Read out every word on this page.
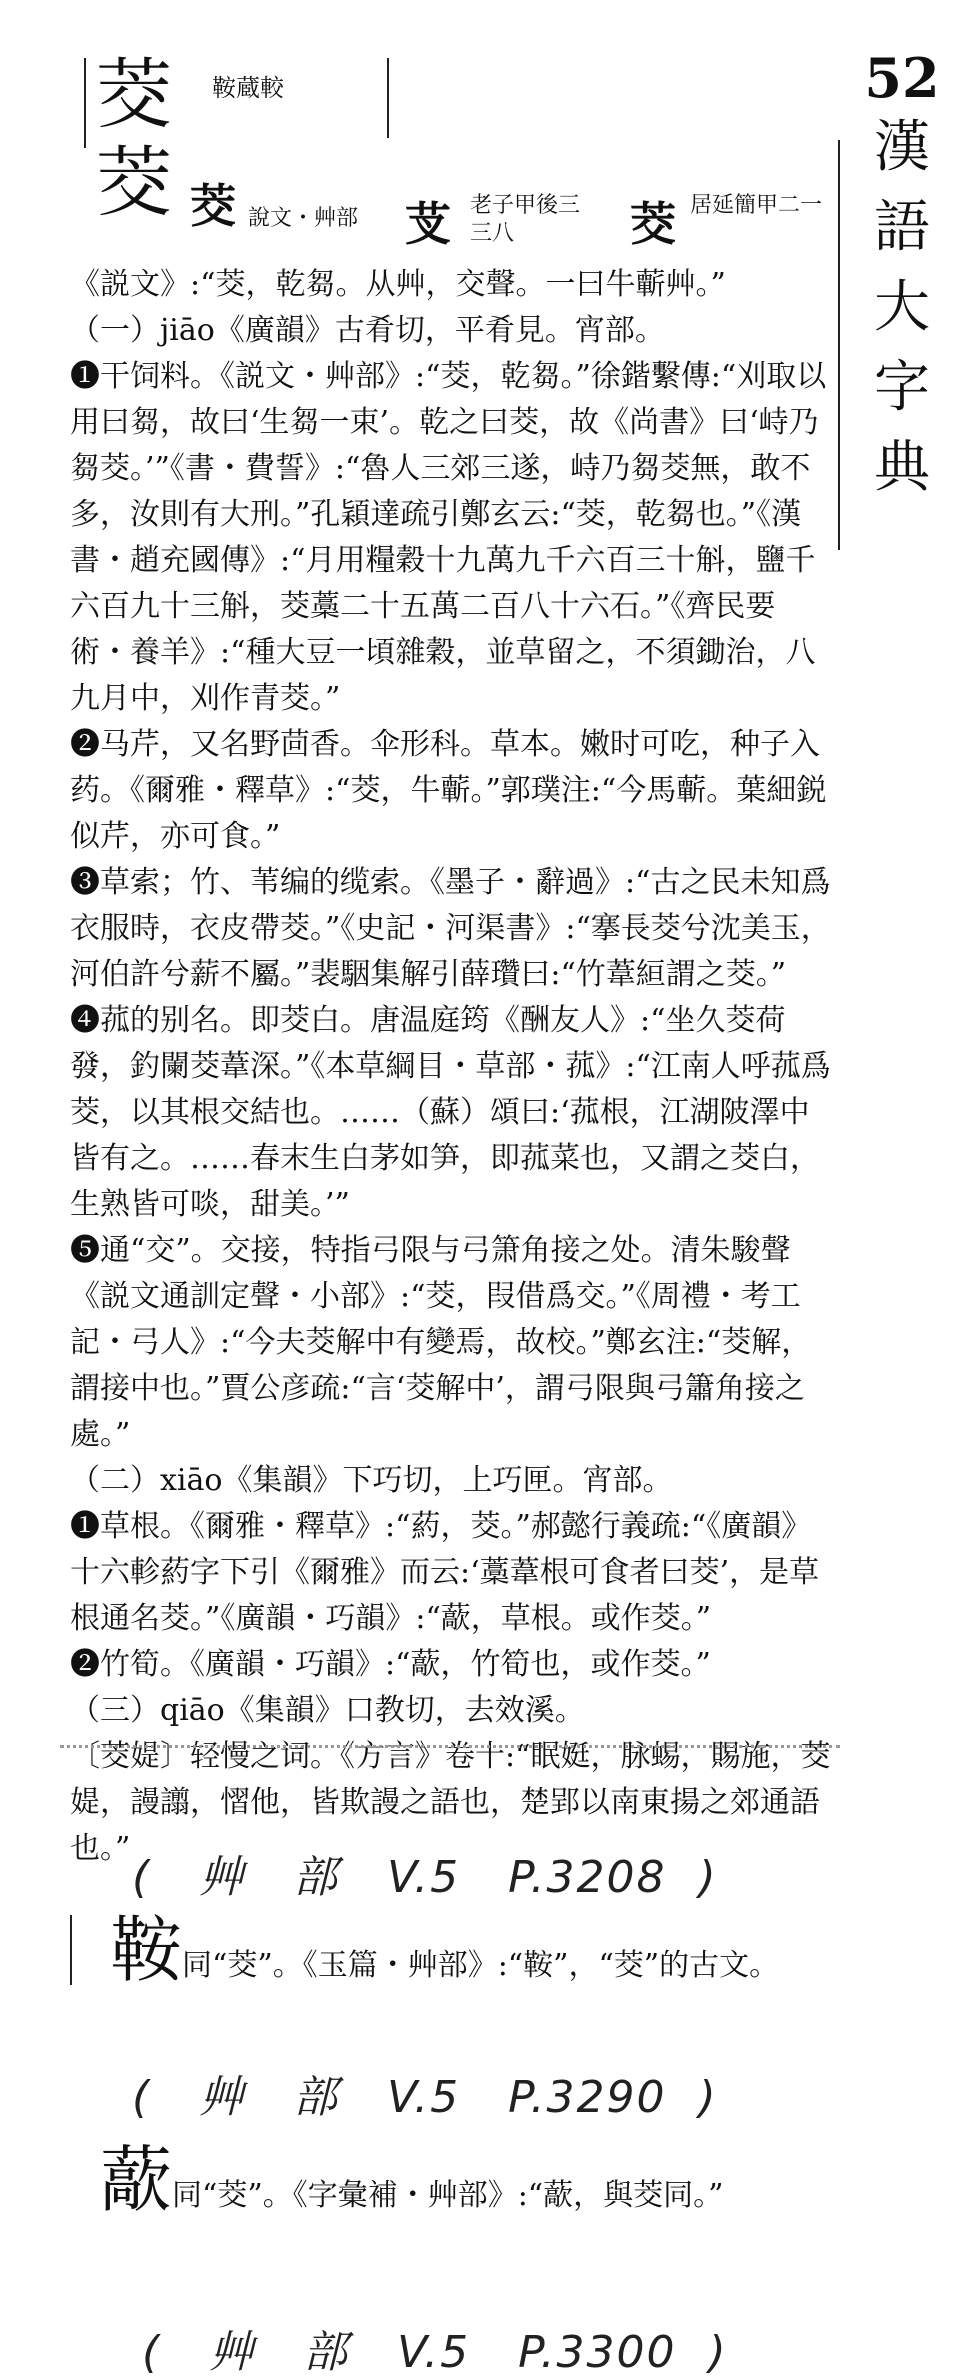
52
漢
語
大
字
典
茭 鞍蔵較
茭 茭 說文・艸部 芆 老子甲後三三八	茭 居延簡甲二一

《説文》:“茭，乾芻。从艸，交聲。一曰牛蘄艸。”

（一）jiāo《廣韻》古肴切，平肴見。宵部。

❶干饲料。《説文・艸部》:“茭，乾芻。”徐鍇繫傳:“刈取以用曰芻，故曰‘生芻一束’。乾之曰茭，故《尚書》曰‘峙乃芻茭。’”《書・費誓》:“魯人三郊三遂，峙乃芻茭無，敢不多，汝則有大刑。”孔穎達疏引鄭玄云:“茭，乾芻也。”《漢書・趙充國傳》:“月用糧穀十九萬九千六百三十斛，鹽千六百九十三斛，茭藁二十五萬二百八十六石。”《齊民要術・養羊》:“種大豆一頃雜穀，並草留之，不須鋤治，八九月中，刈作青茭。”

❷马芹，又名野茴香。伞形科。草本。嫩时可吃，种子入药。《爾雅・釋草》:“茭，牛蘄。”郭璞注:“今馬蘄。葉細鋭似芹，亦可食。”

❸草索；竹、苇编的缆索。《墨子・辭過》:“古之民未知爲衣服時，衣皮帶茭。”《史記・河渠書》:“搴長茭兮沈美玉，河伯許兮薪不屬。”裴駰集解引薛瓚曰:“竹葦絙謂之茭。”

❹菰的别名。即茭白。唐温庭筠《酬友人》:“坐久茭荷發，釣闌茭葦深。”《本草綱目・草部・菰》:“江南人呼菰爲茭，以其根交結也。……（蘇）頌曰:‘菰根，江湖陂澤中皆有之。……春末生白茅如笋，即菰菜也，又謂之茭白，生熟皆可啖，甜美。’”

❺通“交”。交接，特指弓限与弓箫角接之处。清朱駿聲《説文通訓定聲・小部》:“茭，叚借爲交。”《周禮・考工記・弓人》:“今夫茭解中有變焉，故校。”鄭玄注:“茭解，謂接中也。”賈公彦疏:“言‘茭解中’，謂弓限與弓簫角接之處。”

（二）xiāo《集韻》下巧切，上巧匣。宵部。

❶草根。《爾雅・釋草》:“葯，茭。”郝懿行義疏:“《廣韻》十六軫葯字下引《爾雅》而云:‘藁葦根可食者曰茭’，是草根通名茭。”《廣韻・巧韻》:“藃，草根。或作茭。”

❷竹筍。《廣韻・巧韻》:“藃，竹筍也，或作茭。”

（三）qiāo《集韻》口教切，去效溪。

〔茭媞〕轻慢之词。《方言》卷十:“眠娗，脉蜴，賜施，茭媞，謾譾，慴他，皆欺謾之語也，楚郢以南東揚之郊通語也。”

( 艸 部 V.5 P.3208 )

鞍同“茭”。《玉篇・艸部》:“鞍”，“茭”的古文。

( 艸 部 V.5 P.3290 )

藃同“茭”。《字彙補・艸部》:“藃，與茭同。”

( 艸 部 V.5 P.3300 )
